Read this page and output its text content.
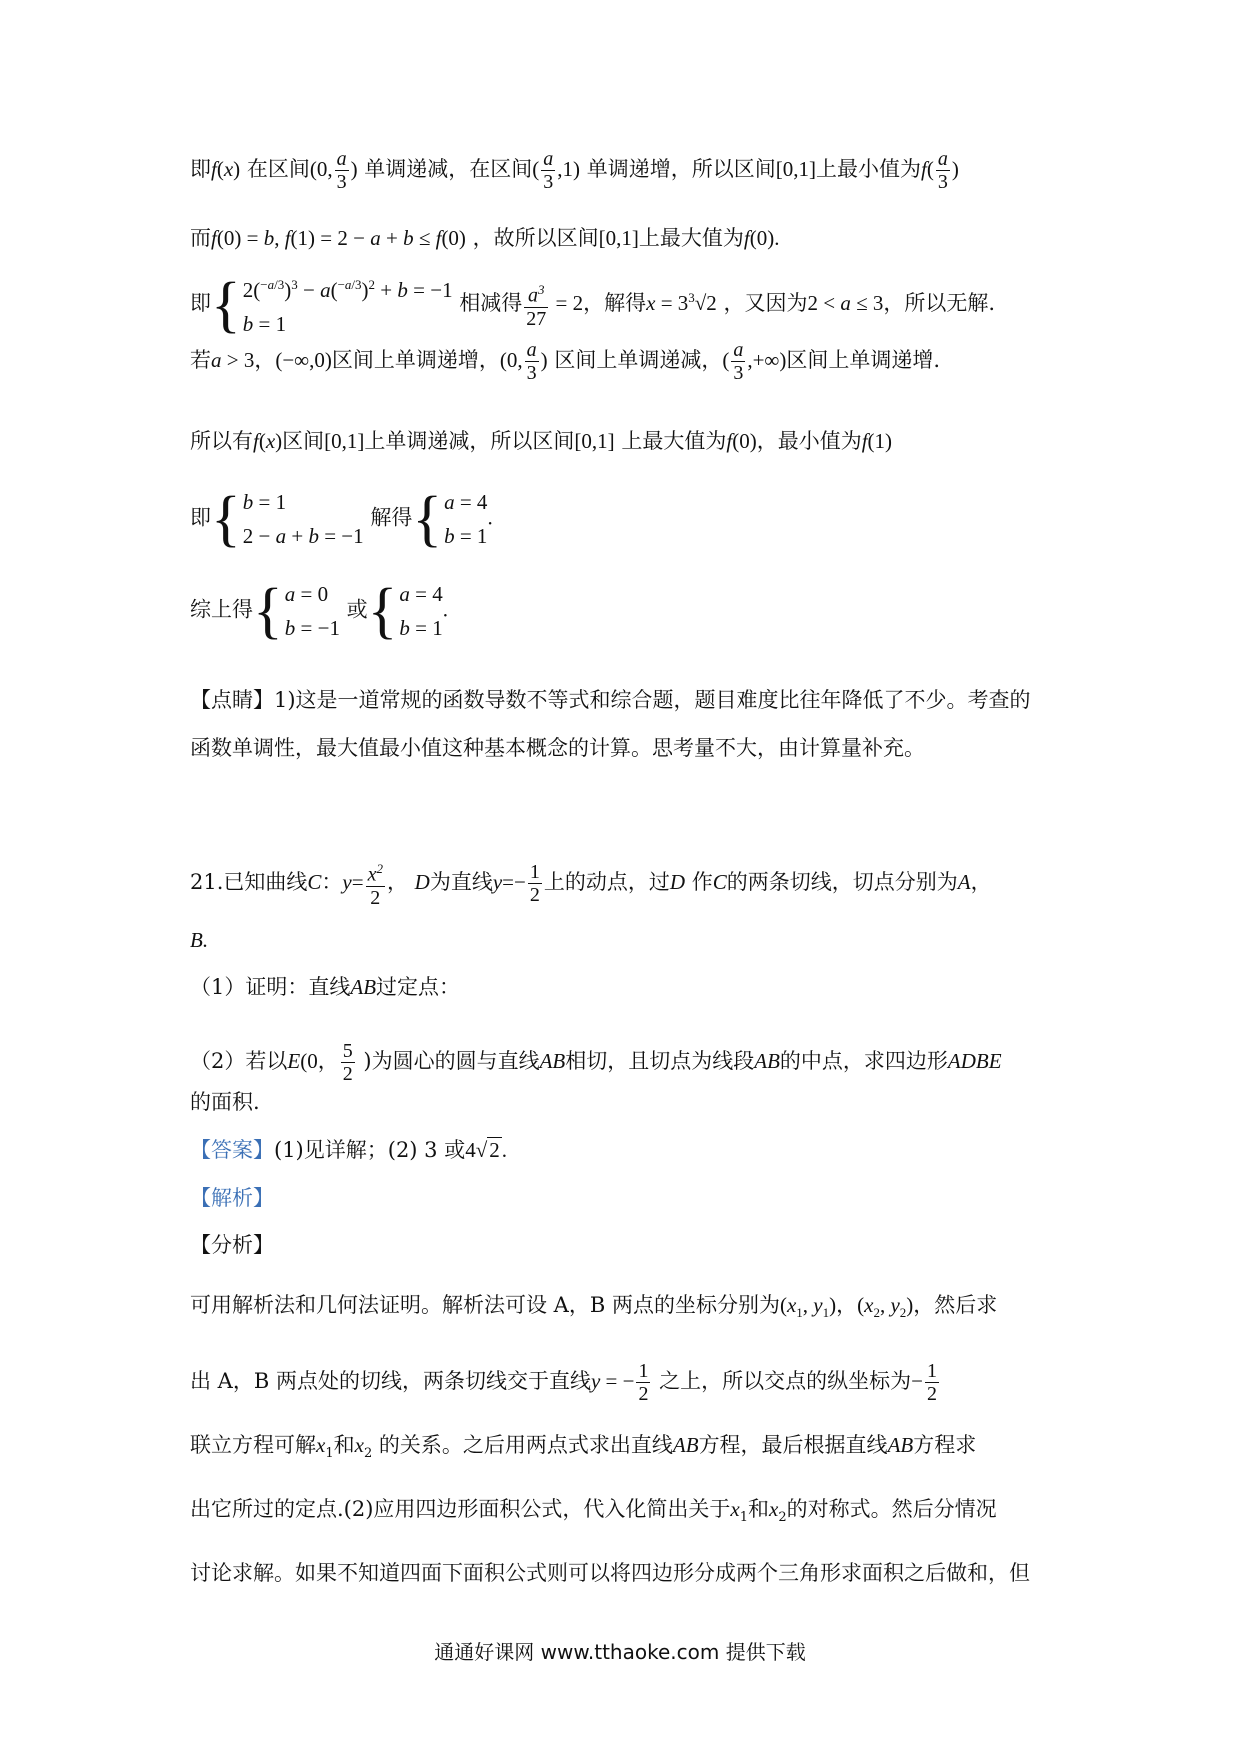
即f(x) 在区间(0, $\frac{a}{3}$ ) 单调递减，在区间( $\frac{a}{3} ,1$) 单调递增，所以区间[0,1]上最小值为$f( \frac{a}{3}$ )
而f(0) = b, f(1) = 2 − a + b ≤ f(0) ，故所以区间[0,1]上最大值为f(0).
即{ $2(^{-a/3})^3 - a(^{-a/3})^2 + b = -1$
b = 1
相减得 $\frac{a^3}{27} = 2$，解得$x = 3^3√2$ ，又因为2 < a ≤ 3，所以无解.
若a > 3，(−∞,0)区间上单调递增，(0, $\frac{a}{3}$ ) 区间上单调递减，( $\frac{a}{3}$ ,+∞)区间上单调递增.
所以有f(x)区间[0,1]上单调递减，所以区间[0,1] 上最大值为f(0)，最小值为f(1)
即{ b = 1
2 − a + b = −1
解得{ a = 4
b = 1
.
综上得{ a = 0
b = −1
或{ a = 4
b = 1
.
【点睛】1)这是一道常规的函数导数不等式和综合题，题目难度比往年降低了不少。考查的
函数单调性，最大值最小值这种基本概念的计算。思考量不大，由计算量补充。
21.已知曲线C：$y= \frac{x^2}{2}$ ， D为直线$y=- \frac{1}{2}$ 上的动点，过D 作C的两条切线，切点分别为A，
B.
（1）证明：直线AB过定点：
（2）若以E(0， $\frac{5}{2}$ )为圆心的圆与直线AB相切，且切点为线段AB的中点，求四边形ADBE
的面积.
【答案】(1)见详解；(2) 3 或4√2.
【解析】
【分析】
可用解析法和几何法证明。解析法可设 A，B 两点的坐标分别为($x_1$, $y_1$)，($x_2$, $y_2$)，然后求
出 A，B 两点处的切线，两条切线交于直线y = − $\frac{1}{2}$ 之上，所以交点的纵坐标为− $\frac{1}{2}$
联立方程可解$x_1$和$x_2$ 的关系。之后用两点式求出直线AB方程，最后根据直线AB方程求
出它所过的定点.(2)应用四边形面积公式，代入化简出关于$x_1$和$x_2$的对称式。然后分情况
讨论求解。如果不知道四面下面积公式则可以将四边形分成两个三角形求面积之后做和，但
通通好课网 www.tthaoke.com 提供下载
